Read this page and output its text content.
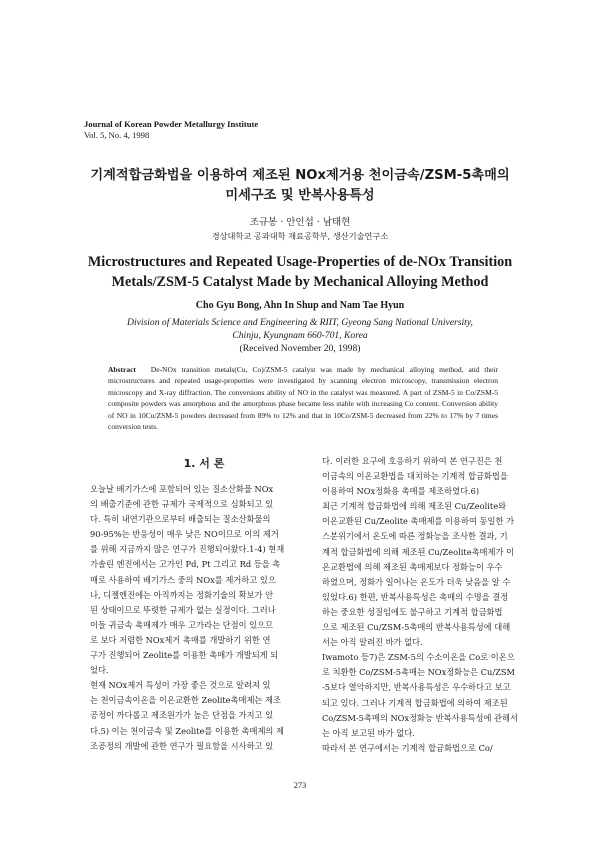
Journal of Korean Powder Metallurgy Institute
Vol. 5, No. 4, 1998
기계적합금화법을 이용하여 제조된 NOx제거용 천이금속/ZSM-5촉매의
미세구조 및 반복사용특성
조규봉 · 안인섭 · 남태현
경상대학교 공과대학 재료공학부, 생산기술연구소
Microstructures and Repeated Usage-Properties of de-NOx Transition
Metals/ZSM-5 Catalyst Made by Mechanical Alloying Method
Cho Gyu Bong, Ahn In Shup and Nam Tae Hyun
Division of Materials Science and Engineering & RIIT, Gyeong Sang National University,
Chinju, Kyungnam 660-701, Korea
(Received November 20, 1998)
Abstract De-NOx transition metals(Cu, Co)/ZSM-5 catalyst was made by mechanical alloying method, and their microstructures and repeated usage-properties were investigated by scanning electron microscopy, transmission electron microscopy and X-ray diffraction. The conversions ability of NO in the catalyst was measured. A part of ZSM-5 in Co/ZSM-5 composite powders was amorphous and the amorphous phase became less stable with increasing Co content. Conversion ability of NO in 10Cu/ZSM-5 powders decreased from 89% to 12% and that in 10Co/ZSM-5 decreased from 22% to 17% by 7 times conversion tests.
1. 서 론
오늘날 배기가스에 포함되어 있는 질소산화물 NOx
의 배출기준에 관한 규제가 국제적으로 심화되고 있
다. 특히 내연기관으로부터 배출되는 질소산화물의
90-95%는 반응성이 매우 낮은 NO이므로 이의 제거
를 위해 지금까지 많은 연구가 진행되어왔다.1-4) 현재
가솔린 엔진에서는 고가인 Pd, Pt 그리고 Rd 등을 촉
매로 사용하여 배기가스 중의 NOx를 제거하고 있으
나, 디젤엔진에는 아직까지는 정화기술의 확보가 안
된 상태이므로 뚜렷한 규제가 없는 실정이다. 그러나
이들 귀금속 촉매제가 매우 고가라는 단점이 있으므
로 보다 저렴한 NOx제거 촉매를 개발하기 위한 연
구가 진행되어 Zeolite를 이용한 촉매가 개발되게 되
었다.
현재 NOx제거 특성이 가장 좋은 것으로 알려져 있
는 천이금속이온을 이온교환한 Zeolite촉매제는 제조
공정이 까다롭고 제조원가가 높은 단점을 가지고 있
다.5) 이는 천이금속 및 Zeolite를 이용한 촉매제의 제
조공정의 개발에 관한 연구가 필요함을 시사하고 있
다. 이러한 요구에 호응하기 위하여 본 연구진은 천
이금속의 이온교환법을 대치하는 기계적 합금화법을
이용하여 NOx정화용 촉매를 제조하였다.6)
최근 기계적 합금화법에 의해 제조된 Cu/Zeolite와
이온교환된 Cu/Zeolite 촉매제를 이용하여 동일한 가
스분위기에서 온도에 따른 정화능을 조사한 결과, 기
계적 합금화법에 의해 제조된 Cu/Zeolite촉매제가 이
온교환법에 의해 제조된 촉매제보다 정화능이 우수
하였으며, 정화가 일어나는 온도가 더욱 낮음을 알 수
있었다.6) 한편, 반복사용특성은 촉매의 수명을 결정
하는 중요한 성질임에도 불구하고 기계적 합금화법
으로 제조된 Cu/ZSM-5촉매의 반복사용특성에 대해
서는 아직 알려진 바가 없다.
Iwamoto 등7)은 ZSM-5의 수소이온을 Co로 이온으
로 치환한 Co/ZSM-5촉매는 NOx정화능은 Cu/ZSM
-5보다 열악하지만, 반복사용특성은 우수하다고 보고
되고 있다. 그러나 기계적 합금화법에 의하여 제조된
Co/ZSM-5촉매의 NOx정화능 반복사용특성에 관해서
는 아직 보고된 바가 없다.
따라서 본 연구에서는 기계적 합금화법으로 Co/
273
